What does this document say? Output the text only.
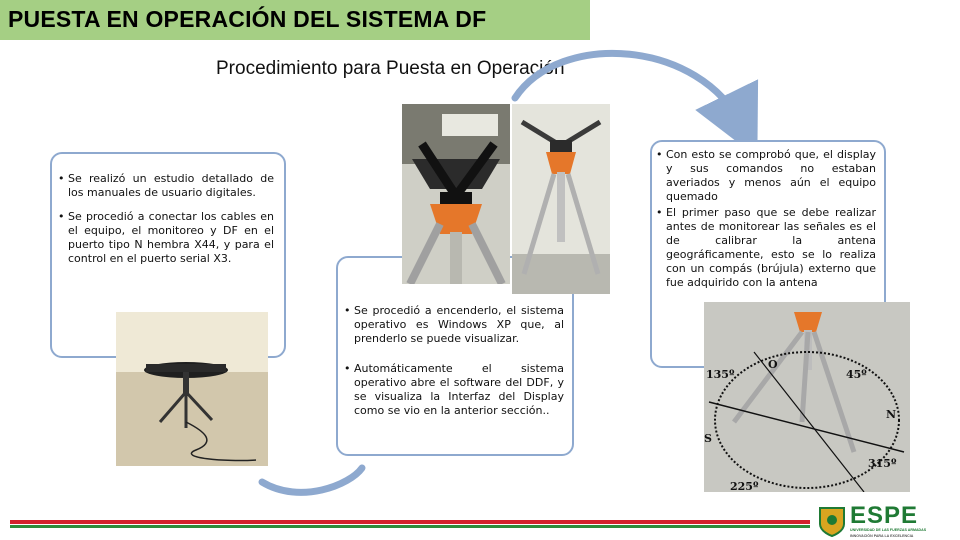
PUESTA EN OPERACIÓN DEL SISTEMA DF
Procedimiento para Puesta en Operación
• Se realizó un estudio detallado de los manuales de usuario digitales.
• Se procedió a conectar los cables en el equipo, el monitoreo y DF en el puerto tipo N hembra X44, y para el control en el puerto serial X3.
• Se procedió a encenderlo, el sistema operativo es Windows XP que, al prenderlo se puede visualizar.
• Automáticamente el sistema operativo abre el software del DDF, y se visualiza la Interfaz del Display como se vio en la anterior sección..
• Con esto se comprobó que, el display y sus comandos no estaban averiados y menos aún el equipo quemado
• El primer paso que se debe realizar antes de monitorear las señales es el de calibrar la antena geográficamente, esto se lo realiza con un compás (brújula) externo que fue adquirido con la antena
135º
O
45º
N
S
315º
225º
ESPE
UNIVERSIDAD DE LAS FUERZAS ARMADAS
INNOVACIÓN PARA LA EXCELENCIA
